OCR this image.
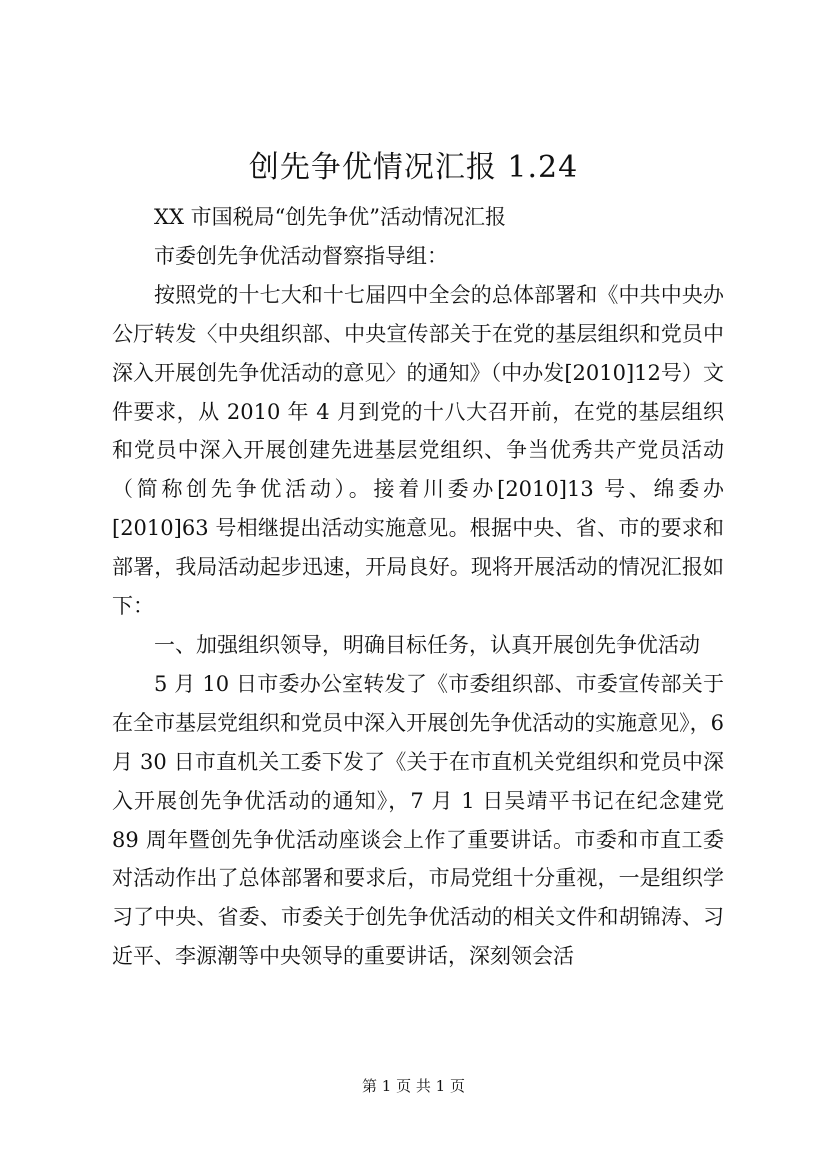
创先争优情况汇报 1.24

XX 市国税局“创先争优”活动情况汇报

市委创先争优活动督察指导组：

按照党的十七大和十七届四中全会的总体部署和《中共中央办公厅转发〈中央组织部、中央宣传部关于在党的基层组织和党员中深入开展创先争优活动的意见〉的通知》（中办发[2010]12号）文件要求，从 2010 年 4 月到党的十八大召开前，在党的基层组织和党员中深入开展创建先进基层党组织、争当优秀共产党员活动（简称创先争优活动）。接着川委办[2010]13 号、绵委办[2010]63 号相继提出活动实施意见。根据中央、省、市的要求和部署，我局活动起步迅速，开局良好。现将开展活动的情况汇报如下：

一、加强组织领导，明确目标任务，认真开展创先争优活动

5 月 10 日市委办公室转发了《市委组织部、市委宣传部关于在全市基层党组织和党员中深入开展创先争优活动的实施意见》，6 月 30 日市直机关工委下发了《关于在市直机关党组织和党员中深入开展创先争优活动的通知》，7 月 1 日吴靖平书记在纪念建党 89 周年暨创先争优活动座谈会上作了重要讲话。市委和市直工委对活动作出了总体部署和要求后，市局党组十分重视，一是组织学习了中央、省委、市委关于创先争优活动的相关文件和胡锦涛、习近平、李源潮等中央领导的重要讲话，深刻领会活

第 1 页 共 1 页
